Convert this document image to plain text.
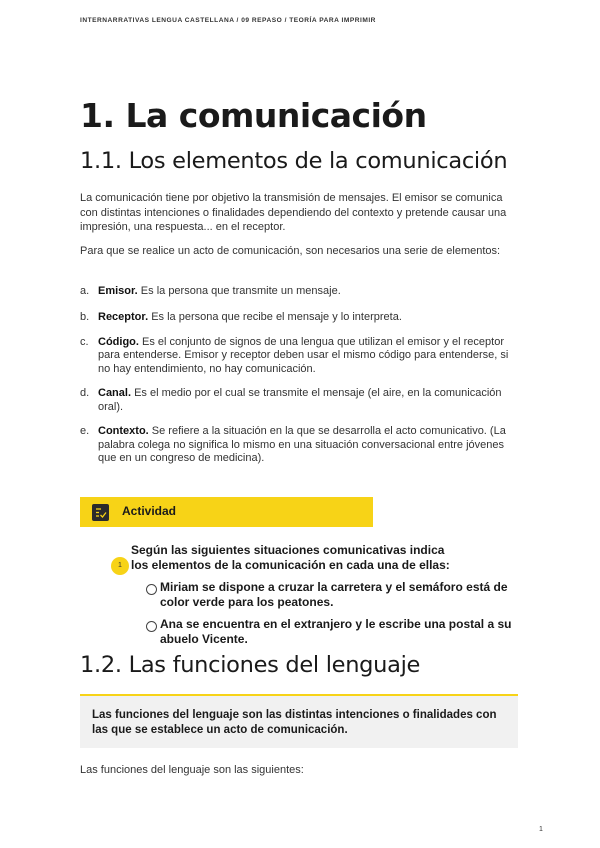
INTERNARRATIVAS LENGUA CASTELLANA / 09 REPASO / TEORÍA PARA IMPRIMIR
1. La comunicación
1.1. Los elementos de la comunicación

La comunicación tiene por objetivo la transmisión de mensajes. El emisor se comunica con distintas intenciones o finalidades dependiendo del contexto y pretende causar una impresión, una respuesta... en el receptor.

Para que se realice un acto de comunicación, son necesarios una serie de elementos:

a. Emisor. Es la persona que transmite un mensaje.
b. Receptor. Es la persona que recibe el mensaje y lo interpreta.
c. Código. Es el conjunto de signos de una lengua que utilizan el emisor y el receptor para entenderse. Emisor y receptor deben usar el mismo código para entenderse, si no hay entendimiento, no hay comunicación.
d. Canal. Es el medio por el cual se transmite el mensaje (el aire, en la comunicación oral).
e. Contexto. Se refiere a la situación en la que se desarrolla el acto comunicativo. (La palabra colega no significa lo mismo en una situación conversacional entre jóvenes que en un congreso de medicina).
Actividad
1
Según las siguientes situaciones comunicativas indica los elementos de la comunicación en cada una de ellas:
Miriam se dispone a cruzar la carretera y el semáforo está de color verde para los peatones.
Ana se encuentra en el extranjero y le escribe una postal a su abuelo Vicente.
1.2. Las funciones del lenguaje
Las funciones del lenguaje son las distintas intenciones o finalidades con las que se establece un acto de comunicación.

Las funciones del lenguaje son las siguientes:

1
